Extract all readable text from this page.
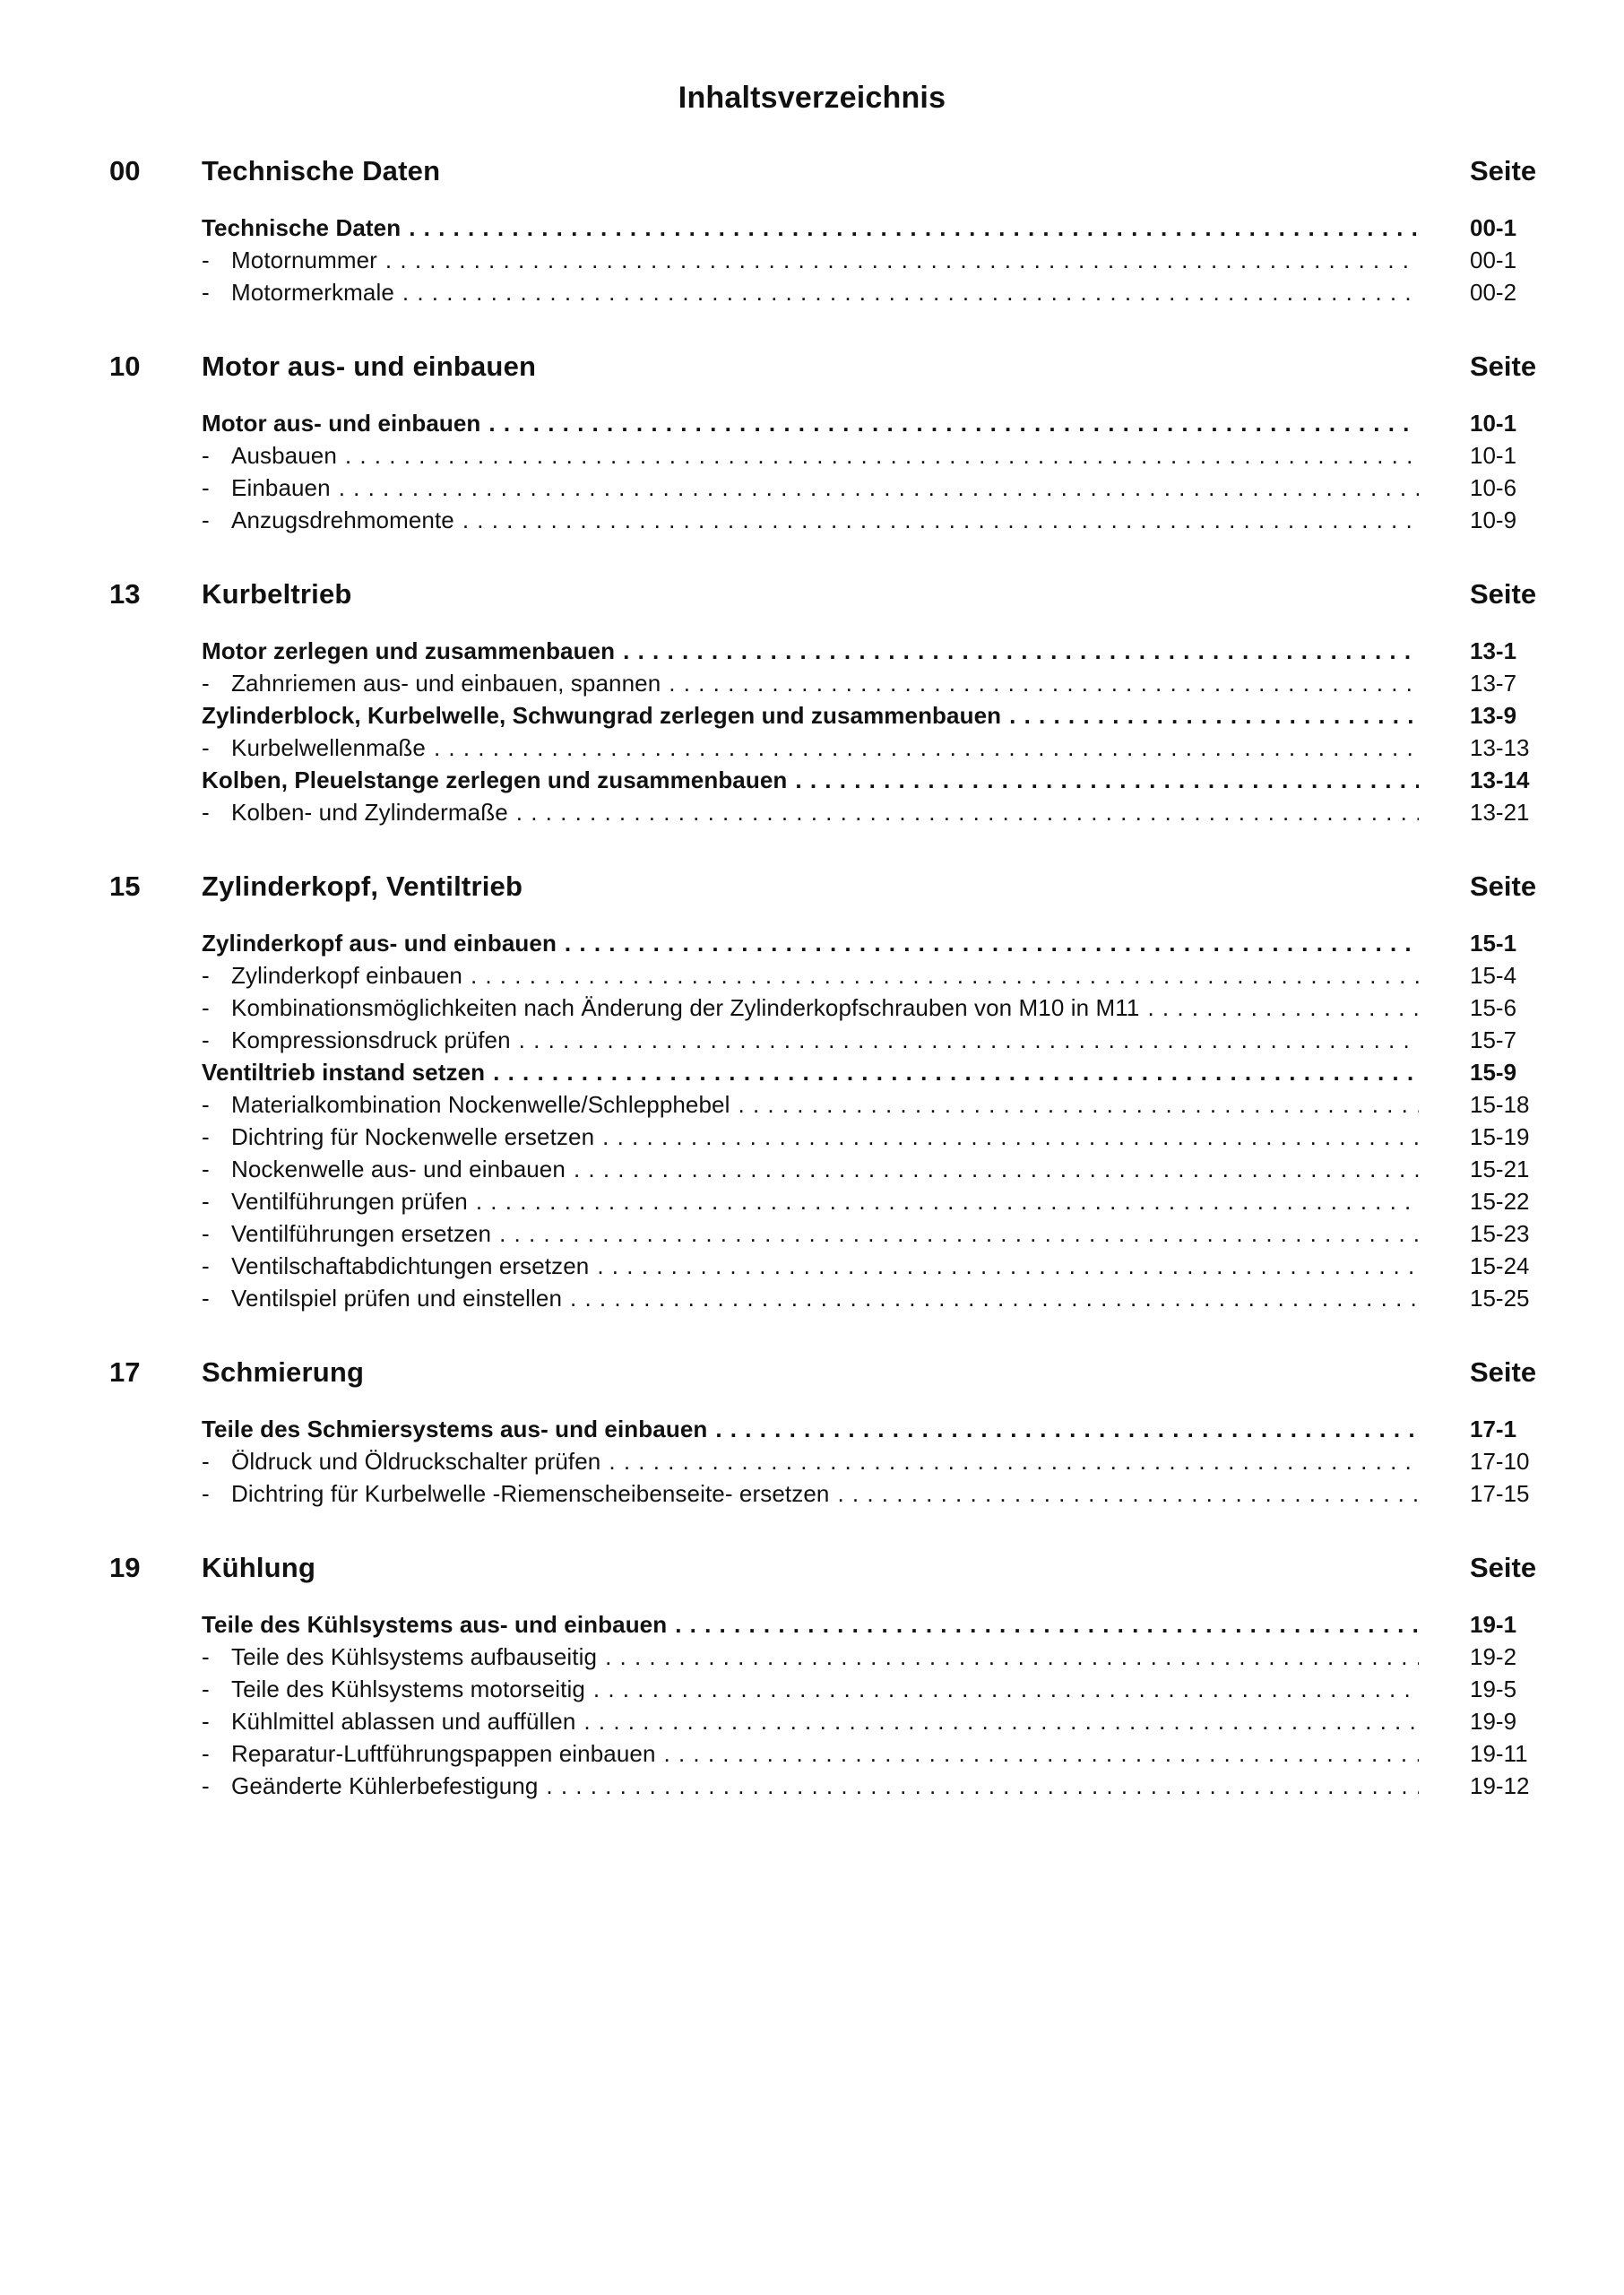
Inhaltsverzeichnis
00	Technische Daten	Seite
Technische Daten . . .	00-1
- Motornummer . . .	00-1
- Motormerkmale . . .	00-2
10	Motor aus- und einbauen	Seite
Motor aus- und einbauen . . .	10-1
- Ausbauen . . .	10-1
- Einbauen . . .	10-6
- Anzugsdrehmomente . . .	10-9
13	Kurbeltrieb	Seite
Motor zerlegen und zusammenbauen . . .	13-1
- Zahnriemen aus- und einbauen, spannen . . .	13-7
Zylinderblock, Kurbelwelle, Schwungrad zerlegen und zusammenbauen . . .	13-9
- Kurbelwellenmaße . . .	13-13
Kolben, Pleuelstange zerlegen und zusammenbauen . . .	13-14
- Kolben- und Zylindermaße . . .	13-21
15	Zylinderkopf, Ventiltrieb	Seite
Zylinderkopf aus- und einbauen . . .	15-1
- Zylinderkopf einbauen . . .	15-4
- Kombinationsmöglichkeiten nach Änderung der Zylinderkopfschrauben von M10 in M11 . . .	15-6
- Kompressionsdruck prüfen . . .	15-7
Ventiltrieb instand setzen . . .	15-9
- Materialkombination Nockenwelle/Schlepphebel . . .	15-18
- Dichtring für Nockenwelle ersetzen . . .	15-19
- Nockenwelle aus- und einbauen . . .	15-21
- Ventilführungen prüfen . . .	15-22
- Ventilführungen ersetzen . . .	15-23
- Ventilschaftabdichtungen ersetzen . . .	15-24
- Ventilspiel prüfen und einstellen . . .	15-25
17	Schmierung	Seite
Teile des Schmiersystems aus- und einbauen . . .	17-1
- Öldruck und Öldruckschalter prüfen . . .	17-10
- Dichtring für Kurbelwelle -Riemenscheibenseite- ersetzen . . .	17-15
19	Kühlung	Seite
Teile des Kühlsystems aus- und einbauen . . .	19-1
- Teile des Kühlsystems aufbauseitig . . .	19-2
- Teile des Kühlsystems motorseitig . . .	19-5
- Kühlmittel ablassen und auffüllen . . .	19-9
- Reparatur-Luftführungspappen einbauen . . .	19-11
- Geänderte Kühlerbefestigung . . .	19-12
